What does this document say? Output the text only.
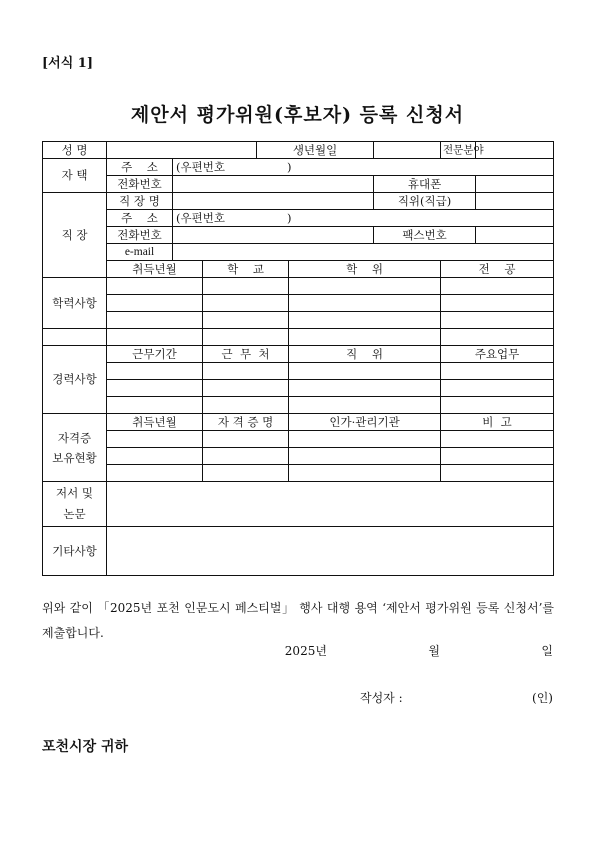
[서식 1]
제안서 평가위원(후보자) 등록 신청서
성 명				생년월일			전문분야	
자 택	주    소	(우편번호 )						
	전화번호					휴대폰		
직 장	직 장 명					직위(직급)		
	주    소	(우편번호 )						
	전화번호					팩스번호		
	e-mail							
	취득년월		학    교		학    위		전    공	
학력사항								

경력사항	근무기간		근  무  처		직    위		주요업무	

자격증
보유현황	취득년월		자 격 증 명		인가·관리기관		비  고	

저서 및
논문								

기타사항								
위와 같이 「2025년 포천 인문도시 페스티벌」 행사 대행 용역 ‘제안서 평가위원 등록 신청서’를 제출합니다.
2025년   월   일
작성자 :	(인)
포천시장 귀하
